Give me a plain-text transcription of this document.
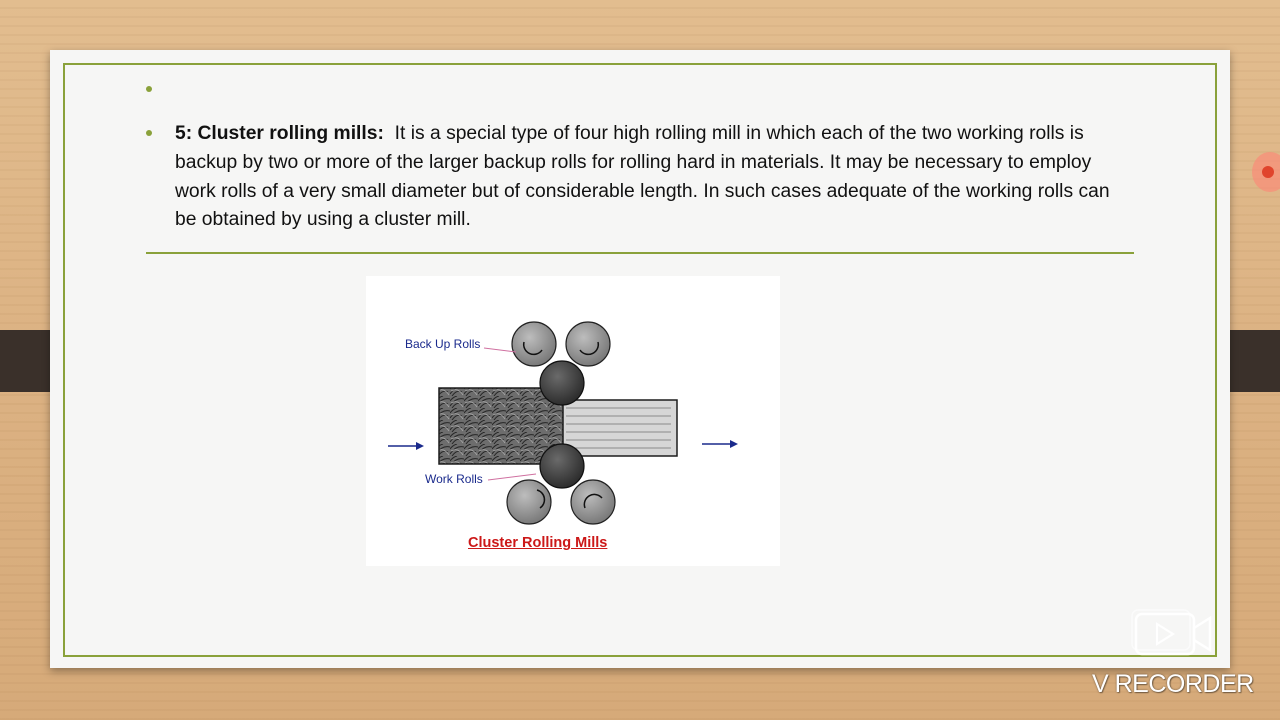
5: Cluster rolling mills: It is a special type of four high rolling mill in which each of the two working rolls is backup by two or more of the larger backup rolls for rolling hard in materials. It may be necessary to employ work rolls of a very small diameter but of considerable length. In such cases adequate of the working rolls can be obtained by using a cluster mill.
Back Up Rolls
Work Rolls
Cluster Rolling Mills
V RECORDER
